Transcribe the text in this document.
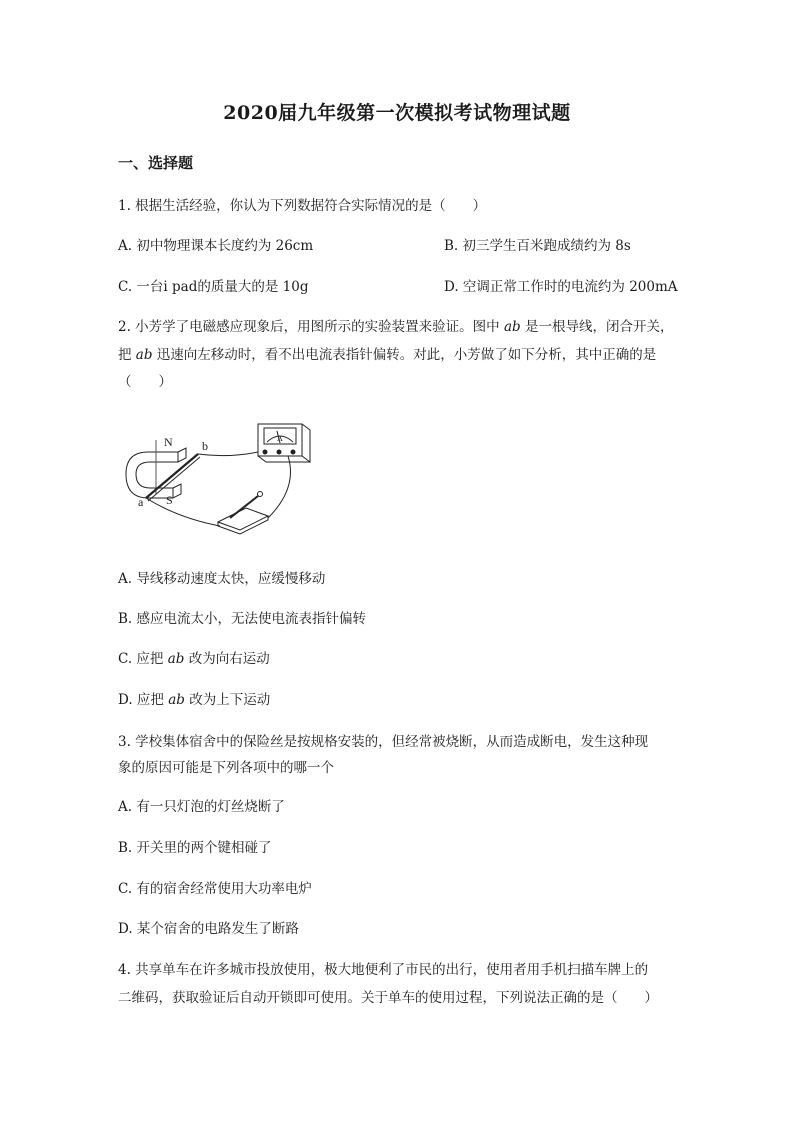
2020届九年级第一次模拟考试物理试题
一、选择题
1. 根据生活经验，你认为下列数据符合实际情况的是（　　）
A. 初中物理课本长度约为 26cm	B. 初三学生百米跑成绩约为 8s
C. 一台i pad的质量大的是 10g	D. 空调正常工作时的电流约为 200mA
2. 小芳学了电磁感应现象后，用图所示的实验装置来验证。图中 ab 是一根导线，闭合开关，
把 ab 迅速向左移动时，看不出电流表指针偏转。对此，小芳做了如下分析，其中正确的是
（　　）
N
S
a
b
A
A. 导线移动速度太快，应缓慢移动
B. 感应电流太小，无法使电流表指针偏转
C. 应把 ab 改为向右运动
D. 应把 ab 改为上下运动
3. 学校集体宿舍中的保险丝是按规格安装的，但经常被烧断，从而造成断电，发生这种现
象的原因可能是下列各项中的哪一个
A. 有一只灯泡的灯丝烧断了
B. 开关里的两个键相碰了
C. 有的宿舍经常使用大功率电炉
D. 某个宿舍的电路发生了断路
4. 共享单车在许多城市投放使用，极大地便利了市民的出行，使用者用手机扫描车牌上的
二维码，获取验证后自动开锁即可使用。关于单车的使用过程，下列说法正确的是（　　）
